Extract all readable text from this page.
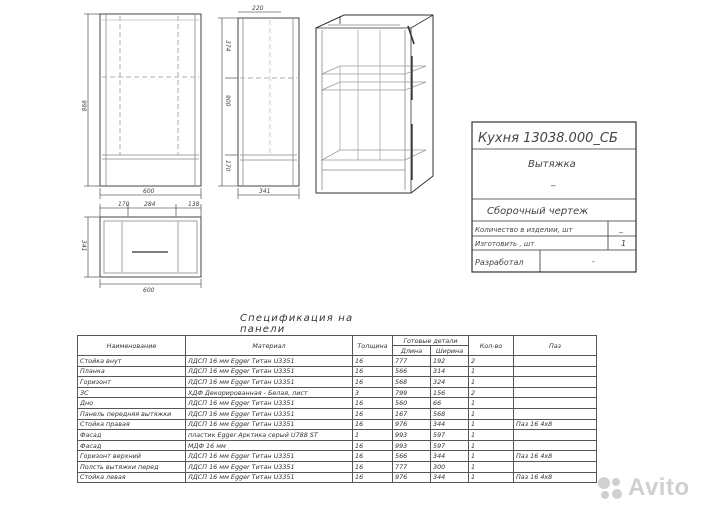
998
600
220
374
900
170
341
170 284	138
341
600
Кухня 13038.000_СБ
Вытяжка
_
Сборочный чертеж
Количество в изделии, шт	_
Изготовить , шт	1
Разработал	-
Спецификация на панели
Наименование	Материал	Толщина	Готовые детали		Кол-во	Паз
			Длина	Ширина		
Стойка внут	ЛДСП 16 мм Egger Титан U3351	16	777	192	2	
Планка	ЛДСП 16 мм Egger Титан U3351	16	566	314	1	
Горизонт	ЛДСП 16 мм Egger Титан U3351	16	568	324	1	
ЗС	ХДФ Декорированная - Белая, лист	3	799	156	2	
Дно	ЛДСП 16 мм Egger Титан U3351	16	560	66	1	
Панель передняя вытяжки	ЛДСП 16 мм Egger Титан U3351	16	167	568	1	
Стойка правая	ЛДСП 16 мм Egger Титан U3351	16	976	344	1	Паз 16 4x8
Фасад	пластик Egger Арктика серый U788 ST	1	993	597	1	
Фасад	МДФ 16 мм	16	993	597	1	
Горизонт верхний	ЛДСП 16 мм Egger Титан U3351	16	566	344	1	Паз 16 4x8
Полсть вытяжки перед	ЛДСП 16 мм Egger Титан U3351	16	777	300	1	
Стойка левая	ЛДСП 16 мм Egger Титан U3351	16	976	344	1	Паз 16 4x8	Avito
